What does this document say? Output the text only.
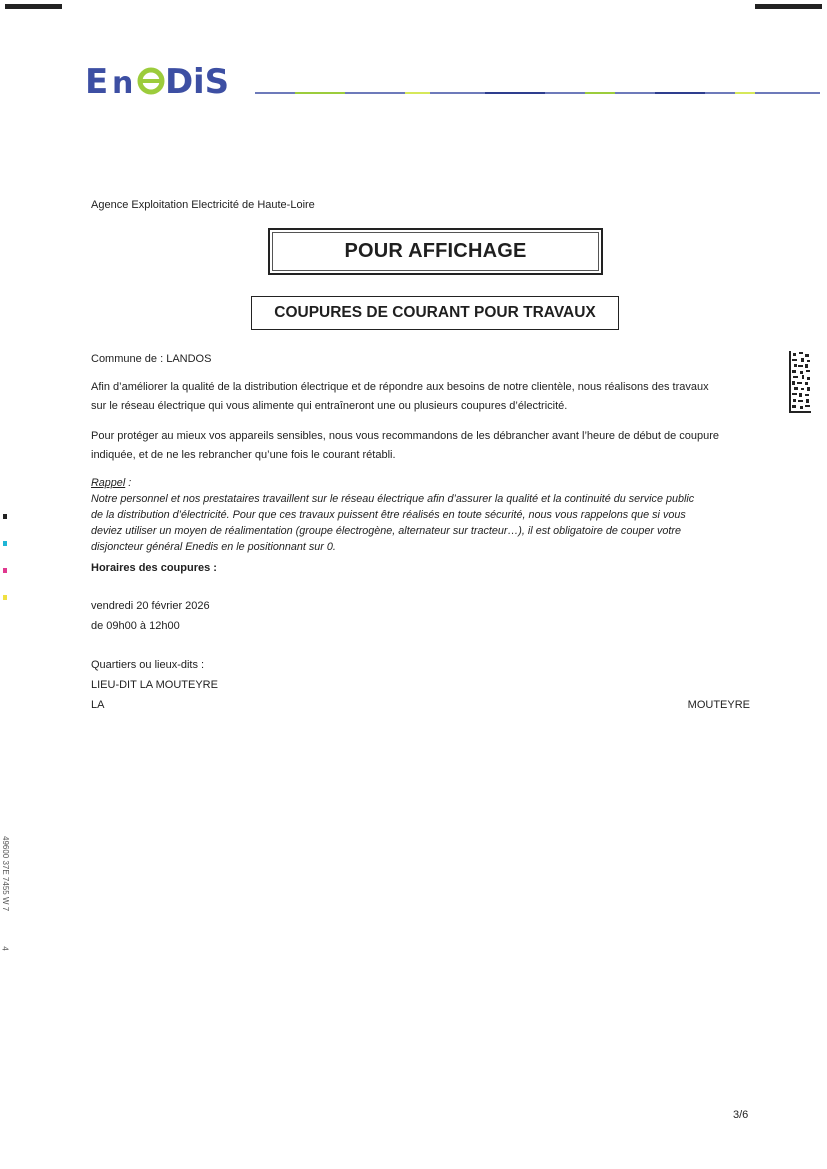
E n D iS
Agence Exploitation Electricité de Haute-Loire
POUR AFFICHAGE
COUPURES DE COURANT POUR TRAVAUX
Commune de : LANDOS
Afin d’améliorer la qualité de la distribution électrique et de répondre aux besoins de notre clientèle, nous réalisons des travaux
sur le réseau électrique qui vous alimente qui entraîneront une ou plusieurs coupures d’électricité.
Pour protéger au mieux vos appareils sensibles, nous vous recommandons de les débrancher avant l’heure de début de coupure
indiquée, et de ne les rebrancher qu’une fois le courant rétabli.
Rappel :
Notre personnel et nos prestataires travaillent sur le réseau électrique afin d’assurer la qualité et la continuité du service public
de la distribution d’électricité. Pour que ces travaux puissent être réalisés en toute sécurité, nous vous rappelons que si vous
deviez utiliser un moyen de réalimentation (groupe électrogène, alternateur sur tracteur…), il est obligatoire de couper votre
disjoncteur général Enedis en le positionnant sur 0.
Horaires des coupures :
vendredi 20 février 2026
de 09h00 à 12h00
Quartiers ou lieux-dits :
LIEU-DIT LA MOUTEYRE
LA	MOUTEYRE
49600 37E 7455 W 7
4
3/6
